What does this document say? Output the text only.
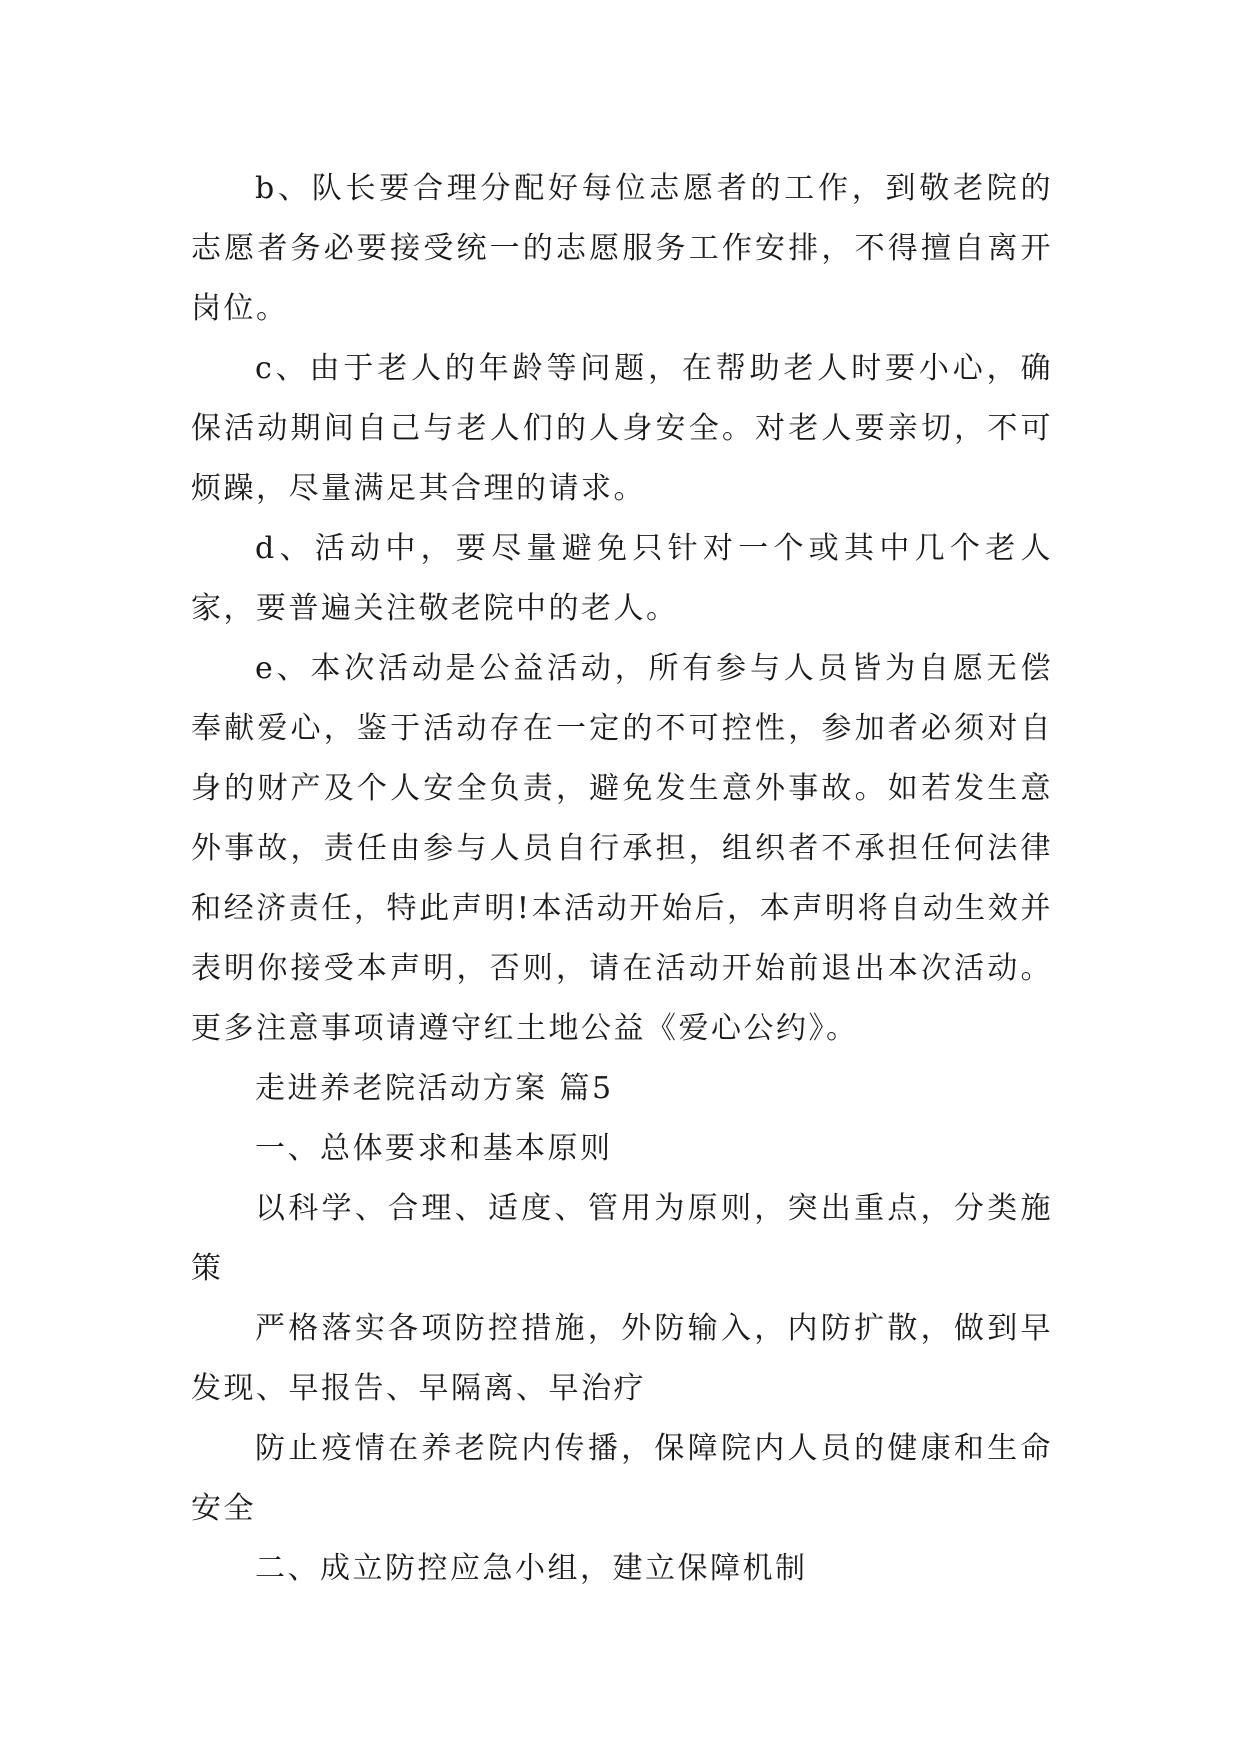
b、队长要合理分配好每位志愿者的工作，到敬老院的志愿者务必要接受统一的志愿服务工作安排，不得擅自离开岗位。

c、由于老人的年龄等问题，在帮助老人时要小心，确保活动期间自己与老人们的人身安全。对老人要亲切，不可烦躁，尽量满足其合理的请求。

d、活动中，要尽量避免只针对一个或其中几个老人家，要普遍关注敬老院中的老人。

e、本次活动是公益活动，所有参与人员皆为自愿无偿奉献爱心，鉴于活动存在一定的不可控性，参加者必须对自身的财产及个人安全负责，避免发生意外事故。如若发生意外事故，责任由参与人员自行承担，组织者不承担任何法律和经济责任，特此声明!本活动开始后，本声明将自动生效并表明你接受本声明，否则，请在活动开始前退出本次活动。更多注意事项请遵守红土地公益《爱心公约》。

走进养老院活动方案 篇5

一、总体要求和基本原则

以科学、合理、适度、管用为原则，突出重点，分类施策

严格落实各项防控措施，外防输入，内防扩散，做到早发现、早报告、早隔离、早治疗

防止疫情在养老院内传播，保障院内人员的健康和生命安全

二、成立防控应急小组，建立保障机制
